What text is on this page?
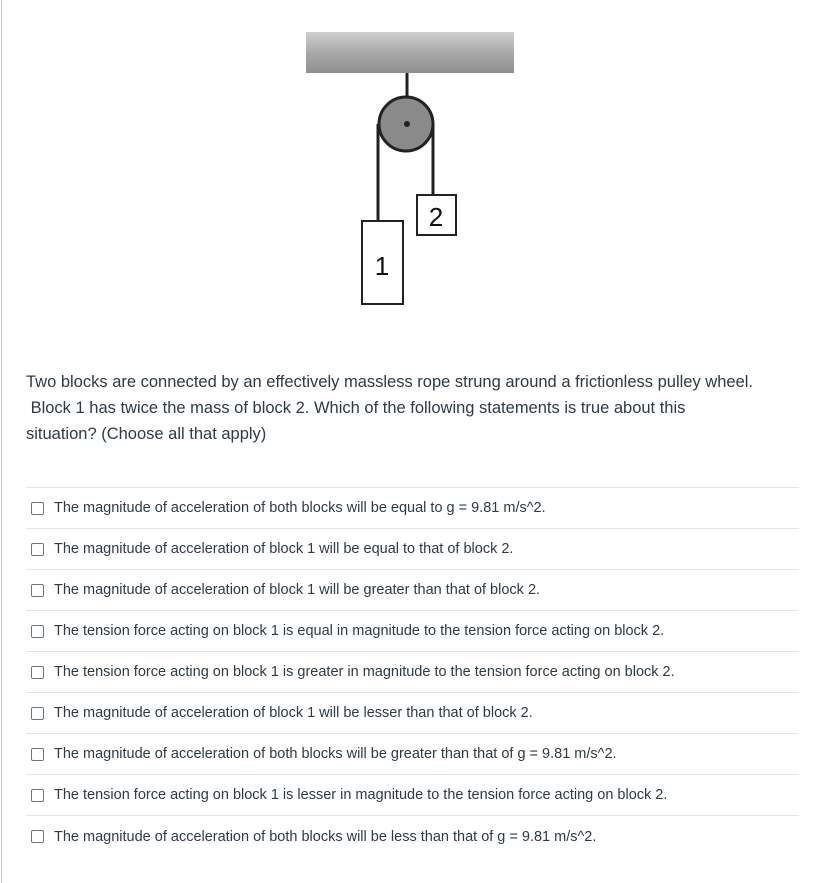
2
1

Two blocks are connected by an effectively massless rope strung around a frictionless pulley wheel.

Block 1 has twice the mass of block 2. Which of the following statements is true about this

situation? (Choose all that apply)

The magnitude of acceleration of both blocks will be equal to g = 9.81 m/s^2.
The magnitude of acceleration of block 1 will be equal to that of block 2.
The magnitude of acceleration of block 1 will be greater than that of block 2.
The tension force acting on block 1 is equal in magnitude to the tension force acting on block 2.
The tension force acting on block 1 is greater in magnitude to the tension force acting on block 2.
The magnitude of acceleration of block 1 will be lesser than that of block 2.
The magnitude of acceleration of both blocks will be greater than that of g = 9.81 m/s^2.
The tension force acting on block 1 is lesser in magnitude to the tension force acting on block 2.
The magnitude of acceleration of both blocks will be less than that of g = 9.81 m/s^2.
